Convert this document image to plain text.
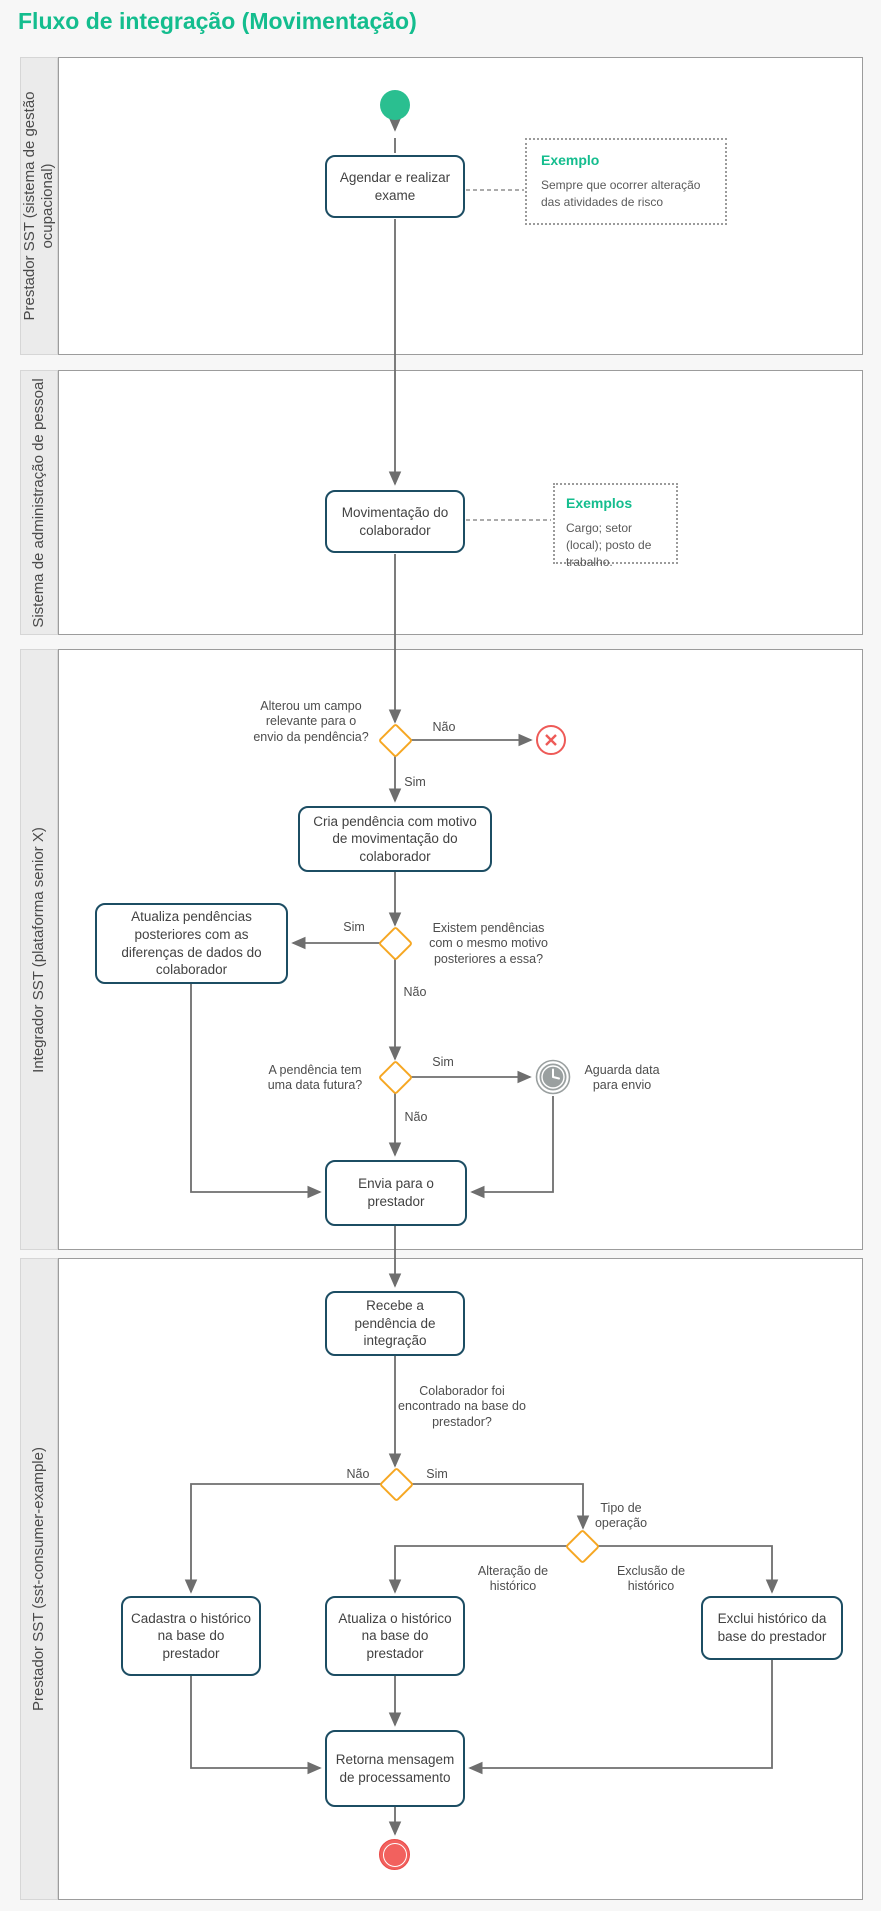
Fluxo de integração (Movimentação)
Prestador SST (sistema de gestão ocupacional)
Sistema de administração de pessoal
Integrador SST (plataforma senior X)
Prestador SST (sst-consumer-example)
Agendar e realizar exame
Exemplo
Sempre que ocorrer alteração das atividades de risco
Movimentação do colaborador
Exemplos
Cargo; setor (local); posto de trabalho.
Alterou um campo relevante para o envio da pendência?
Não
Sim
Cria pendência com motivo de movimentação do colaborador
Existem pendências com o mesmo motivo posteriores a essa?
Sim
Não
Atualiza pendências posteriores com as diferenças de dados do colaborador
A pendência tem uma data futura?
Sim
Não
Aguarda data para envio
Envia para o prestador
Recebe a pendência de integração
Colaborador foi encontrado na base do prestador?
Não	Sim
Tipo de operação
Alteração de histórico
Exclusão de histórico
Cadastra o histórico na base do prestador
Atualiza o histórico na base do prestador
Exclui histórico da base do prestador
Retorna mensagem de processamento
